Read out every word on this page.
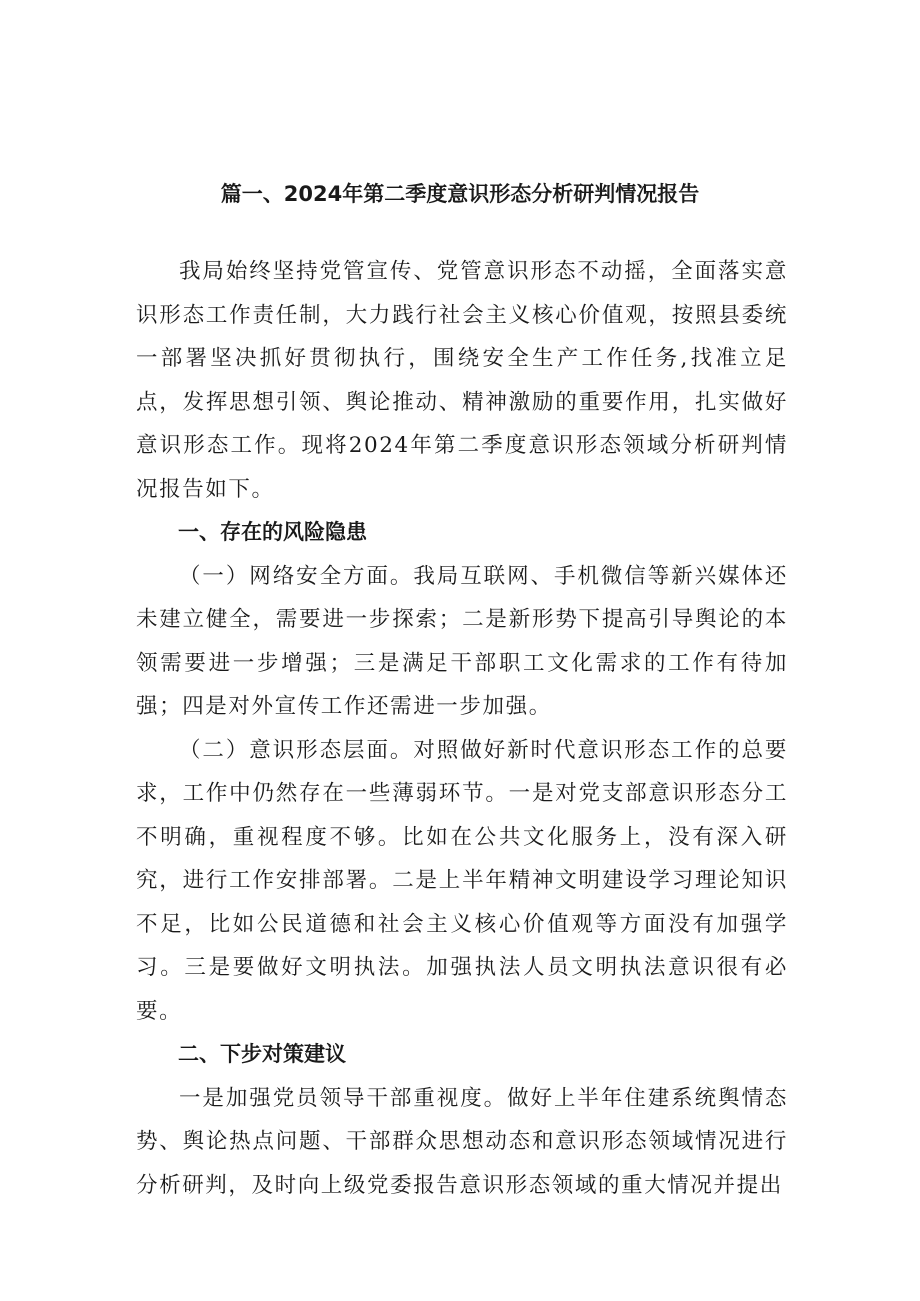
篇一、2024年第二季度意识形态分析研判情况报告

我局始终坚持党管宣传、党管意识形态不动摇，全面落实意识形态工作责任制，大力践行社会主义核心价值观，按照县委统一部署坚决抓好贯彻执行，围绕安全生产工作任务,找准立足点，发挥思想引领、舆论推动、精神激励的重要作用，扎实做好意识形态工作。现将2024年第二季度意识形态领域分析研判情况报告如下。

一、存在的风险隐患

（一）网络安全方面。我局互联网、手机微信等新兴媒体还未建立健全，需要进一步探索；二是新形势下提高引导舆论的本领需要进一步增强；三是满足干部职工文化需求的工作有待加强；四是对外宣传工作还需进一步加强。

（二）意识形态层面。对照做好新时代意识形态工作的总要求，工作中仍然存在一些薄弱环节。一是对党支部意识形态分工不明确，重视程度不够。比如在公共文化服务上，没有深入研究，进行工作安排部署。二是上半年精神文明建设学习理论知识不足，比如公民道德和社会主义核心价值观等方面没有加强学习。三是要做好文明执法。加强执法人员文明执法意识很有必要。

二、下步对策建议

一是加强党员领导干部重视度。做好上半年住建系统舆情态势、舆论热点问题、干部群众思想动态和意识形态领域情况进行分析研判，及时向上级党委报告意识形态领域的重大情况并提出
